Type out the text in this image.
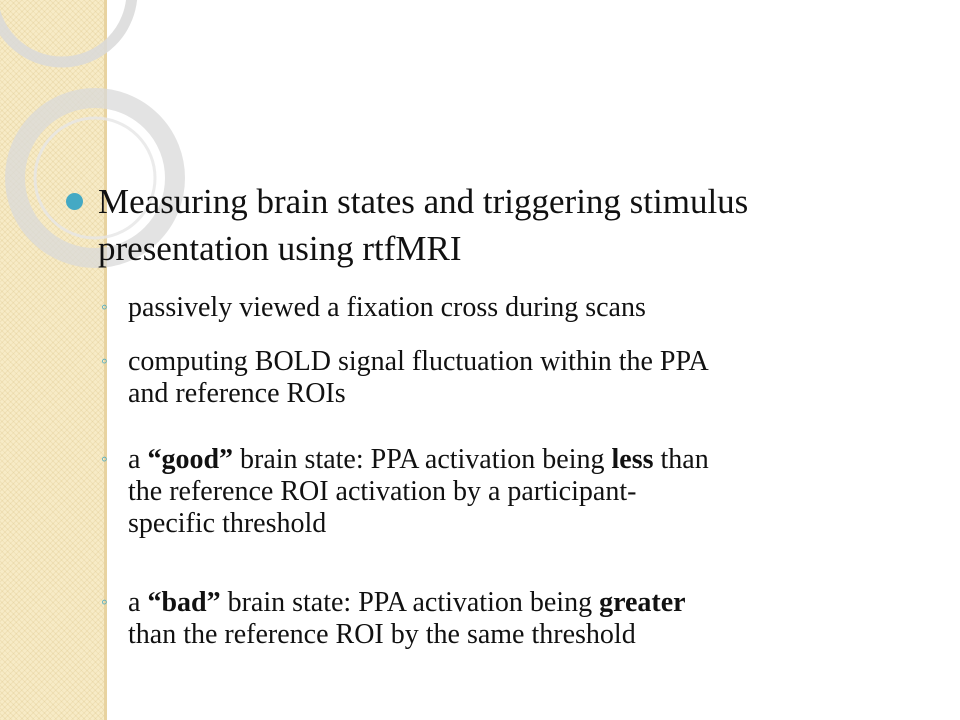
Measuring brain states and triggering stimulus
presentation using rtfMRI
◦ passively viewed a fixation cross during scans
◦ computing BOLD signal fluctuation within the PPA
and reference ROIs
◦ a “good” brain state: PPA activation being less than
the reference ROI activation by a participant-
specific threshold
◦ a “bad” brain state: PPA activation being greater
than the reference ROI by the same threshold
